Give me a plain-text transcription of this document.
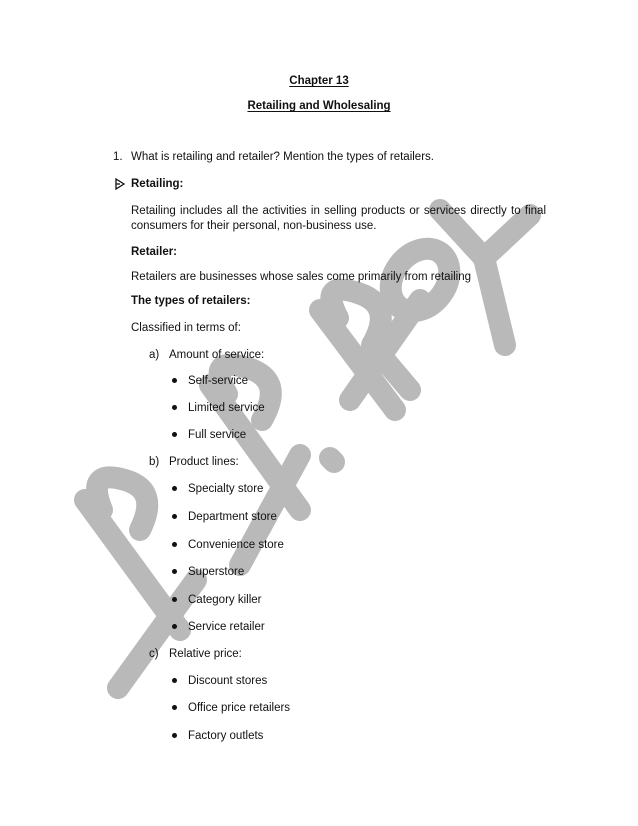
Chapter 13
Retailing and Wholesaling
1. What is retailing and retailer? Mention the types of retailers.
Retailing:
Retailing includes all the activities in selling products or services directly to final
consumers for their personal, non-business use.
Retailer:
Retailers are businesses whose sales come primarily from retailing
The types of retailers:
Classified in terms of:
a) Amount of service:
Self-service
Limited service
Full service
b) Product lines:
Specialty store
Department store
Convenience store
Superstore
Category killer
Service retailer
c) Relative price:
Discount stores
Office price retailers
Factory outlets
